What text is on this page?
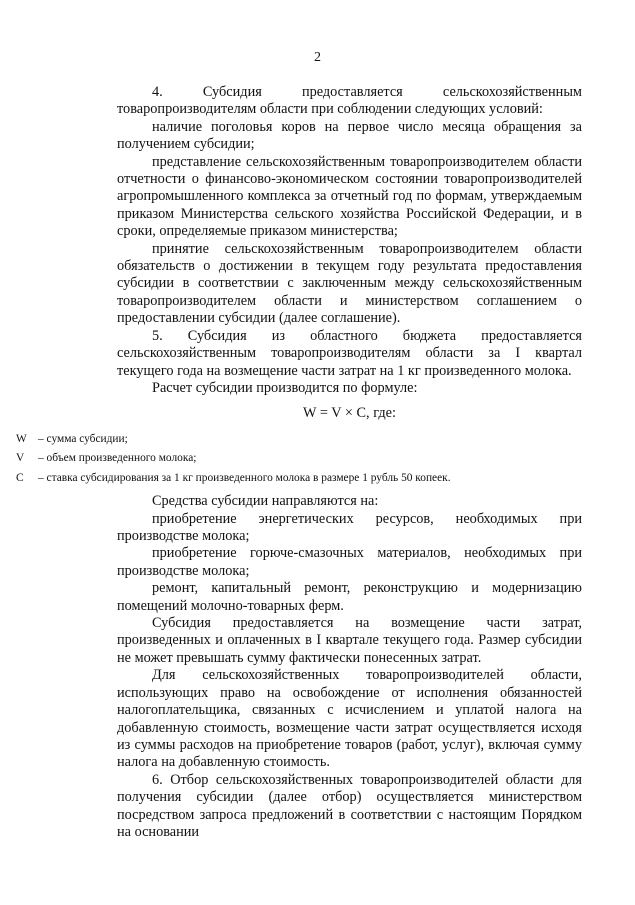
2

4. Субсидия предоставляется сельскохозяйственным товаропроизводителям области при соблюдении следующих условий:

наличие поголовья коров на первое число месяца обращения за получением субсидии;

представление сельскохозяйственным товаропроизводителем области отчетности о финансово-экономическом состоянии товаропроизводителей агропромышленного комплекса за отчетный год по формам, утверждаемым приказом Министерства сельского хозяйства Российской Федерации, и в сроки, определяемые приказом министерства;

принятие сельскохозяйственным товаропроизводителем области обязательств о достижении в текущем году результата предоставления субсидии в соответствии с заключенным между сельскохозяйственным товаропроизводителем области и министерством соглашением о предоставлении субсидии (далее соглашение).

5. Субсидия из областного бюджета предоставляется сельскохозяйственным товаропроизводителям области за I квартал текущего года на возмещение части затрат на 1 кг произведенного молока.

Расчет субсидии производится по формуле:

W = V × C, где:

W – сумма субсидии;
V	– объем произведенного молока;
C	– ставка субсидирования за 1 кг произведенного молока в размере 1 рубль 50 копеек.

Средства субсидии направляются на:

приобретение энергетических ресурсов, необходимых при производстве молока;

приобретение горюче-смазочных материалов, необходимых при производстве молока;

ремонт, капитальный ремонт, реконструкцию и модернизацию помещений молочно-товарных ферм.

Субсидия предоставляется на возмещение части затрат, произведенных и оплаченных в I квартале текущего года. Размер субсидии не может превышать сумму фактически понесенных затрат.

Для сельскохозяйственных товаропроизводителей области, использующих право на освобождение от исполнения обязанностей налогоплательщика, связанных с исчислением и уплатой налога на добавленную стоимость, возмещение части затрат осуществляется исходя из суммы расходов на приобретение товаров (работ, услуг), включая сумму налога на добавленную стоимость.

6. Отбор сельскохозяйственных товаропроизводителей области для получения субсидии (далее отбор) осуществляется министерством посредством запроса предложений в соответствии с настоящим Порядком на основании
